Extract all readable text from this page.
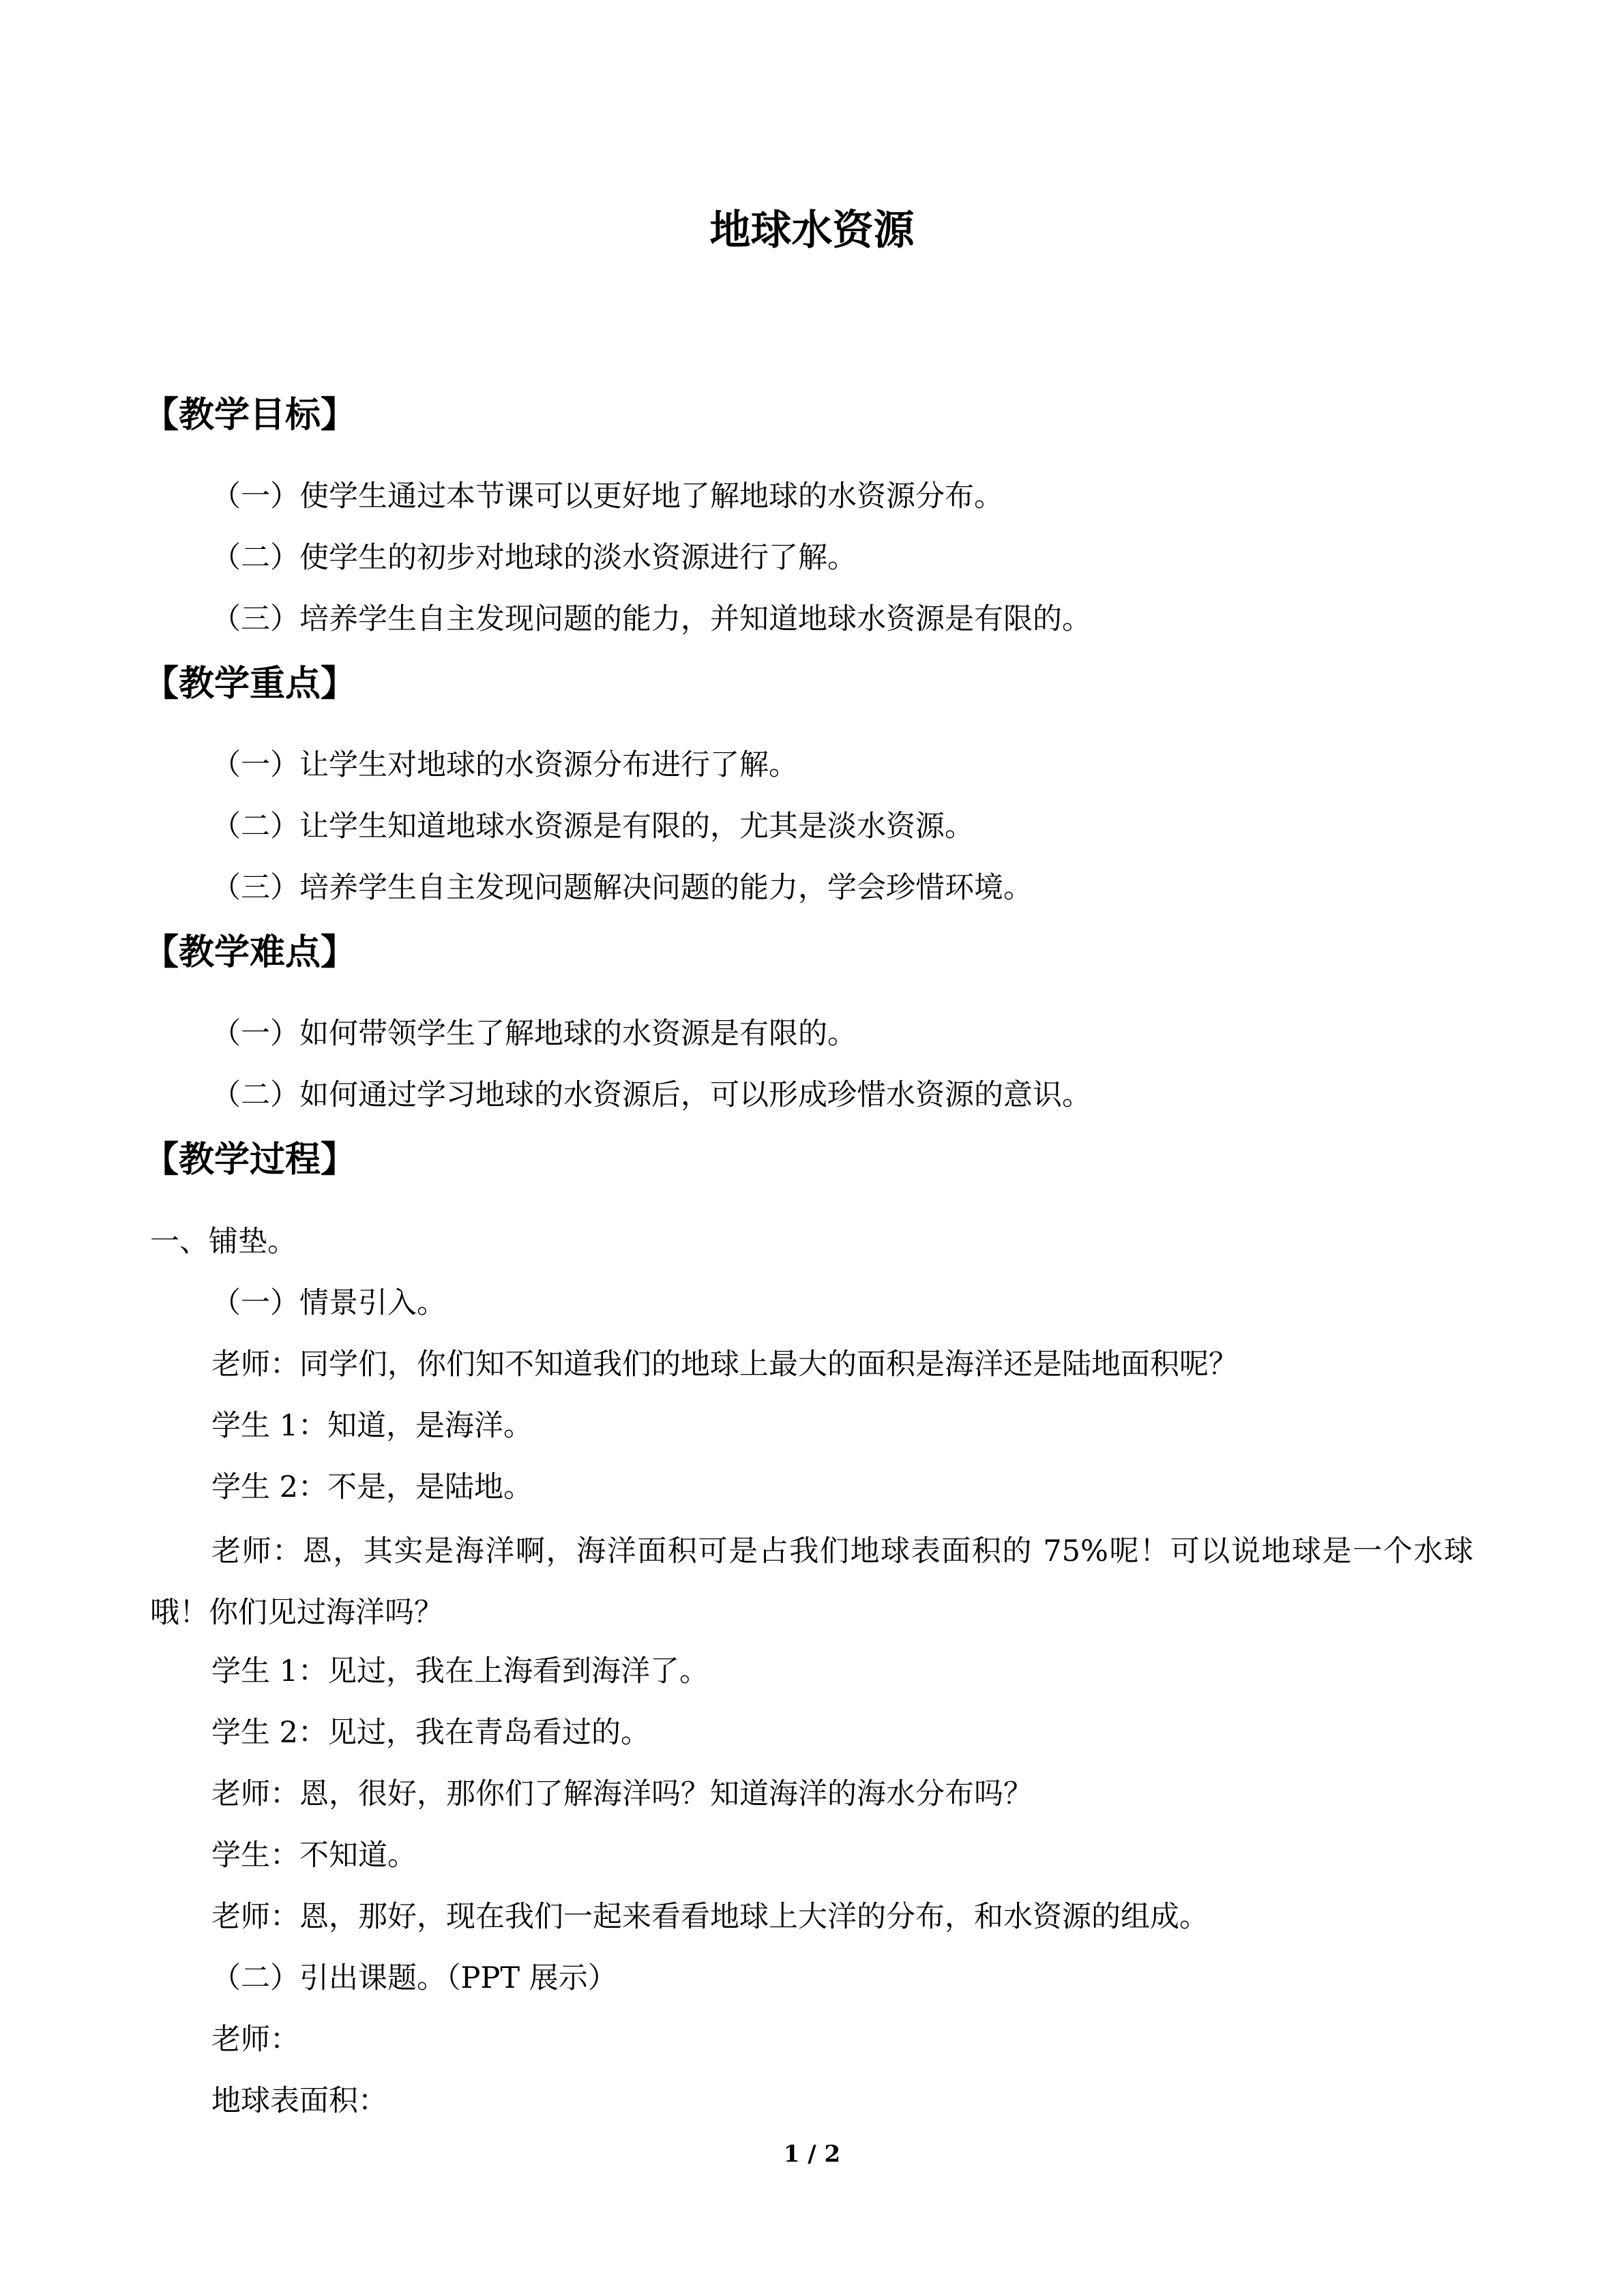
地球水资源
【教学目标】
（一）使学生通过本节课可以更好地了解地球的水资源分布。
（二）使学生的初步对地球的淡水资源进行了解。
（三）培养学生自主发现问题的能力，并知道地球水资源是有限的。
【教学重点】
（一）让学生对地球的水资源分布进行了解。
（二）让学生知道地球水资源是有限的，尤其是淡水资源。
（三）培养学生自主发现问题解决问题的能力，学会珍惜环境。
【教学难点】
（一）如何带领学生了解地球的水资源是有限的。
（二）如何通过学习地球的水资源后，可以形成珍惜水资源的意识。
【教学过程】
一、铺垫。
（一）情景引入。
老师：同学们，你们知不知道我们的地球上最大的面积是海洋还是陆地面积呢？
学生 1：知道，是海洋。
学生 2：不是，是陆地。
老师：恩，其实是海洋啊，海洋面积可是占我们地球表面积的 75%呢！可以说地球是一个水球哦！你们见过海洋吗？
学生 1：见过，我在上海看到海洋了。
学生 2：见过，我在青岛看过的。
老师：恩，很好，那你们了解海洋吗？知道海洋的海水分布吗？
学生：不知道。
老师：恩，那好，现在我们一起来看看地球上大洋的分布，和水资源的组成。
（二）引出课题。（PPT 展示）
老师：
地球表面积：
1 / 2
